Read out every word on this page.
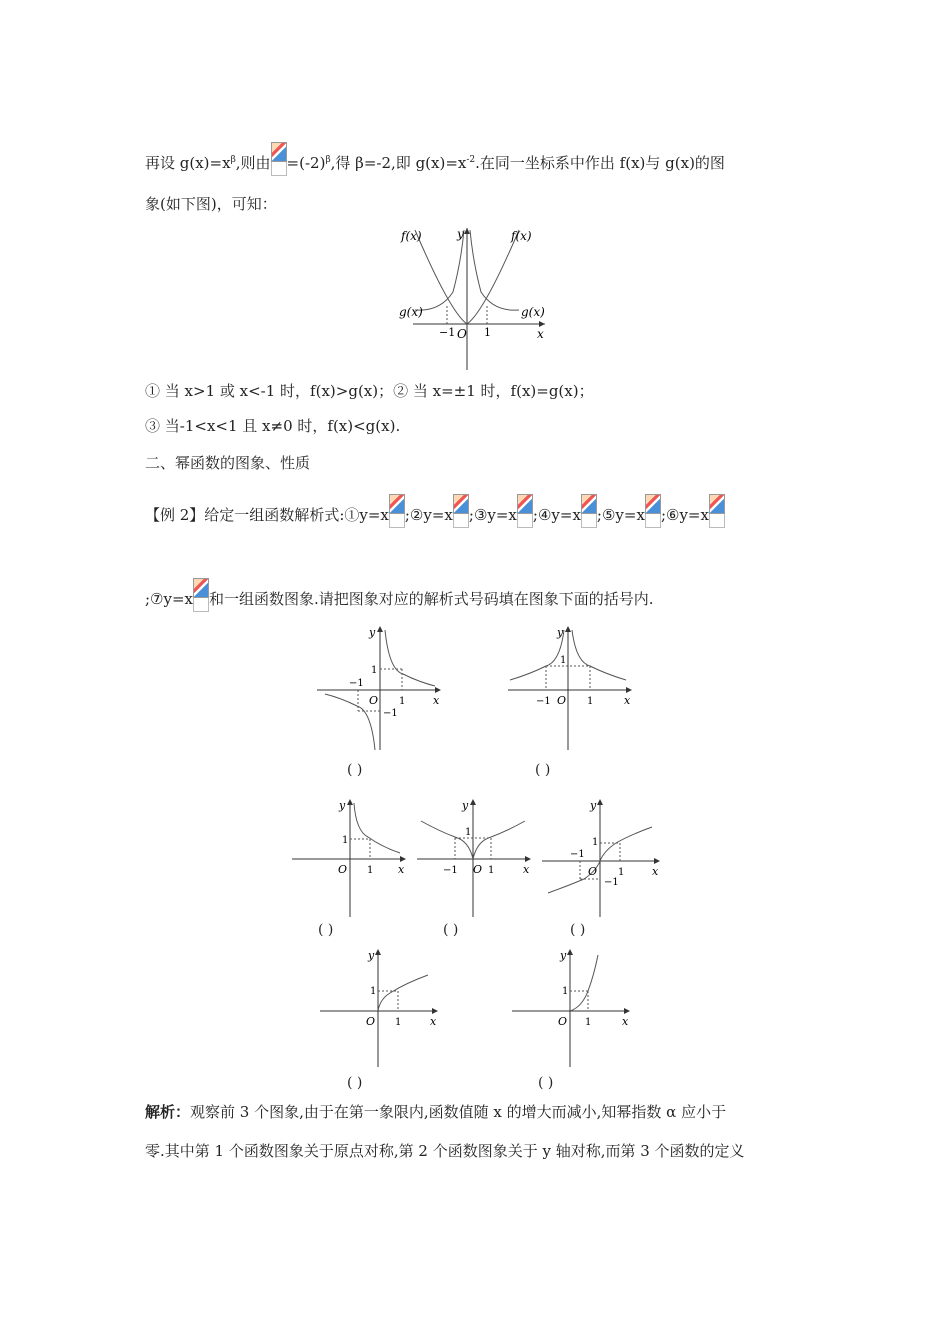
再设 $g(x)=x^\beta$,则由 $=(-2)^\beta$,得 β=-2,即 $g(x)=x^{-2}$.在同一坐标系中作出 f(x)与 g(x)的图
象(如下图)，可知：
f(x)	f(x)
g(x)	g(x)
y
x
O
−1	1
① 当 x>1 或 x<-1 时，f(x)>g(x)；② 当 x=±1 时，f(x)=g(x)；
③ 当-1<x<1 且 x≠0 时，f(x)<g(x).
二、幂函数的图象、性质
【例 2】给定一组函数解析式:①y=x ;②y=x ;③y=x ;④y=x ;⑤y=x ;⑥y=x
;⑦y=x 和一组函数图象.请把图象对应的解析式号码填在图象下面的括号内.
y
x
O
1
1
−1
−1
( )
y
x
O
1
1
−1
( )
y
x
O
1
1
( )
y
x
O
1
1
−1
( )
y
x
O
1
1
−1
−1
( )
y
x
O
1
1
( )
y
x
O
1
1
( )
解析：观察前 3 个图象,由于在第一象限内,函数值随 x 的增大而减小,知幂指数 α 应小于
零.其中第 1 个函数图象关于原点对称,第 2 个函数图象关于 y 轴对称,而第 3 个函数的定义
